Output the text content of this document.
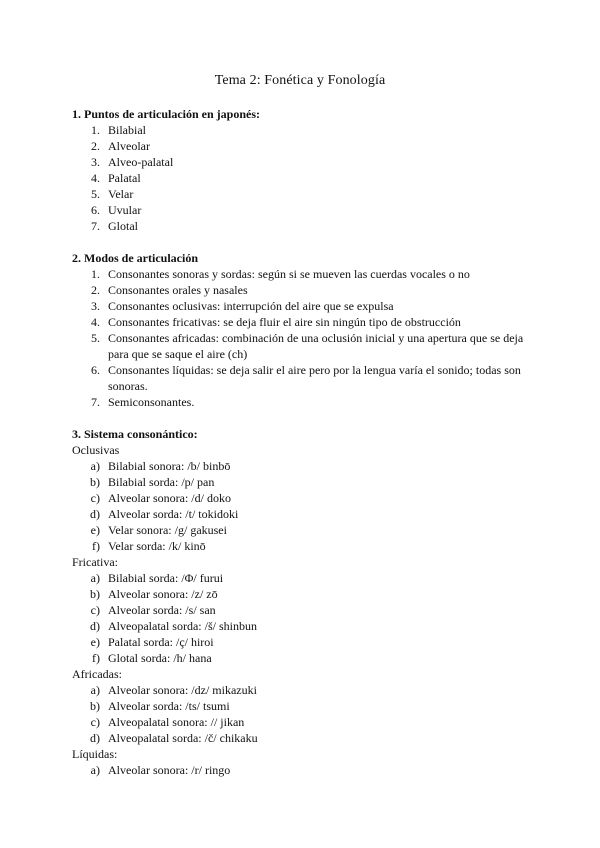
Tema 2: Fonética y Fonología
1. Puntos de articulación en japonés:
1. Bilabial
2. Alveolar
3. Alveo-palatal
4. Palatal
5. Velar
6. Uvular
7. Glotal
2. Modos de articulación
1. Consonantes sonoras y sordas: según si se mueven las cuerdas vocales o no
2. Consonantes orales y nasales
3. Consonantes oclusivas: interrupción del aire que se expulsa
4. Consonantes fricativas: se deja fluir el aire sin ningún tipo de obstrucción
5. Consonantes africadas: combinación de una oclusión inicial y una apertura que se deja para que se saque el aire (ch)
6. Consonantes líquidas: se deja salir el aire pero por la lengua varía el sonido; todas son sonoras.
7. Semiconsonantes.
3. Sistema consonántico:
Oclusivas
a) Bilabial sonora: /b/ binbō
b) Bilabial sorda: /p/ pan
c) Alveolar sonora: /d/ doko
d) Alveolar sorda: /t/ tokidoki
e) Velar sonora: /g/ gakusei
f) Velar sorda: /k/ kinō
Fricativa:
a) Bilabial sorda: /Φ/ furui
b) Alveolar sonora: /z/ zō
c) Alveolar sorda: /s/ san
d) Alveopalatal sorda: /š/ shinbun
e) Palatal sorda: /ç/ hiroi
f) Glotal sorda: /h/ hana
Africadas:
a) Alveolar sonora: /dz/ mikazuki
b) Alveolar sorda: /ts/ tsumi
c) Alveopalatal sonora: // jikan
d) Alveopalatal sorda: /č/ chikaku
Líquidas:
a) Alveolar sonora: /r/ ringo
